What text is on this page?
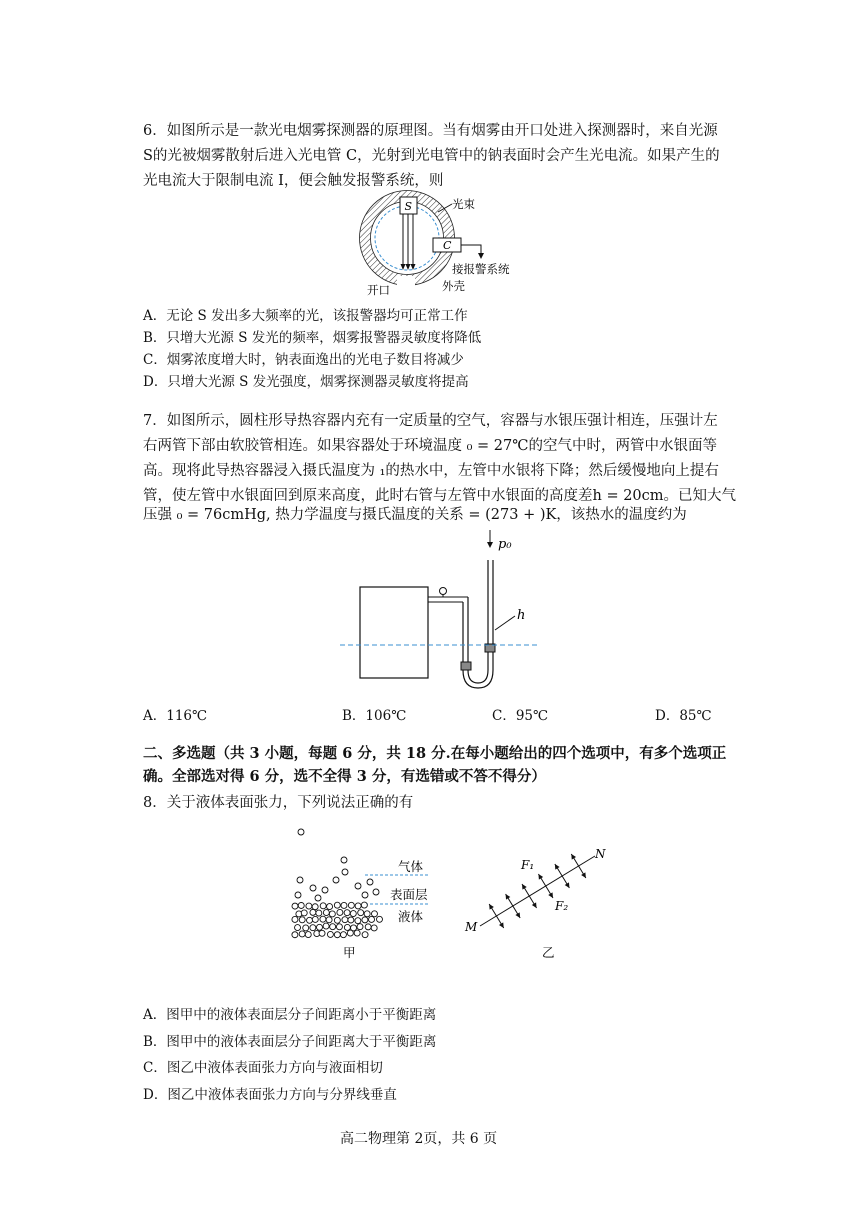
6．如图所示是一款光电烟雾探测器的原理图。当有烟雾由开口处进入探测器时，来自光源
S的光被烟雾散射后进入光电管 C，光射到光电管中的钠表面时会产生光电流。如果产生的
光电流大于限制电流 I，便会触发报警系统，则
S	光束
C
接报警系统
开口	外壳
A．无论 S 发出多大频率的光，该报警器均可正常工作
B．只增大光源 S 发光的频率，烟雾报警器灵敏度将降低
C．烟雾浓度增大时，钠表面逸出的光电子数目将减少
D．只增大光源 S 发光强度，烟雾探测器灵敏度将提高
7．如图所示，圆柱形导热容器内充有一定质量的空气，容器与水银压强计相连，压强计左
右两管下部由软胶管相连。如果容器处于环境温度 ₀ = 27℃的空气中时，两管中水银面等
高。现将此导热容器浸入摄氏温度为 ₁的热水中，左管中水银将下降；然后缓慢地向上提右
管，使左管中水银面回到原来高度，此时右管与左管中水银面的高度差h = 20cm。已知大气
压强 ₀ = 76cmHg, 热力学温度与摄氏温度的关系 = (273 + )K，该热水的温度约为
p₀
h
A．116℃	B．106℃	C．95℃	D．85℃
二、多选题（共 3 小题，每题 6 分，共 18 分.在每小题给出的四个选项中，有多个选项正
确。全部选对得 6 分，选不全得 3 分，有选错或不答不得分）
8．关于液体表面张力，下列说法正确的有
气体
表面层
液体
甲
M
N
F₁
F₂
乙
A．图甲中的液体表面层分子间距离小于平衡距离
B．图甲中的液体表面层分子间距离大于平衡距离
C．图乙中液体表面张力方向与液面相切
D．图乙中液体表面张力方向与分界线垂直
高二物理第 2页，共 6 页
